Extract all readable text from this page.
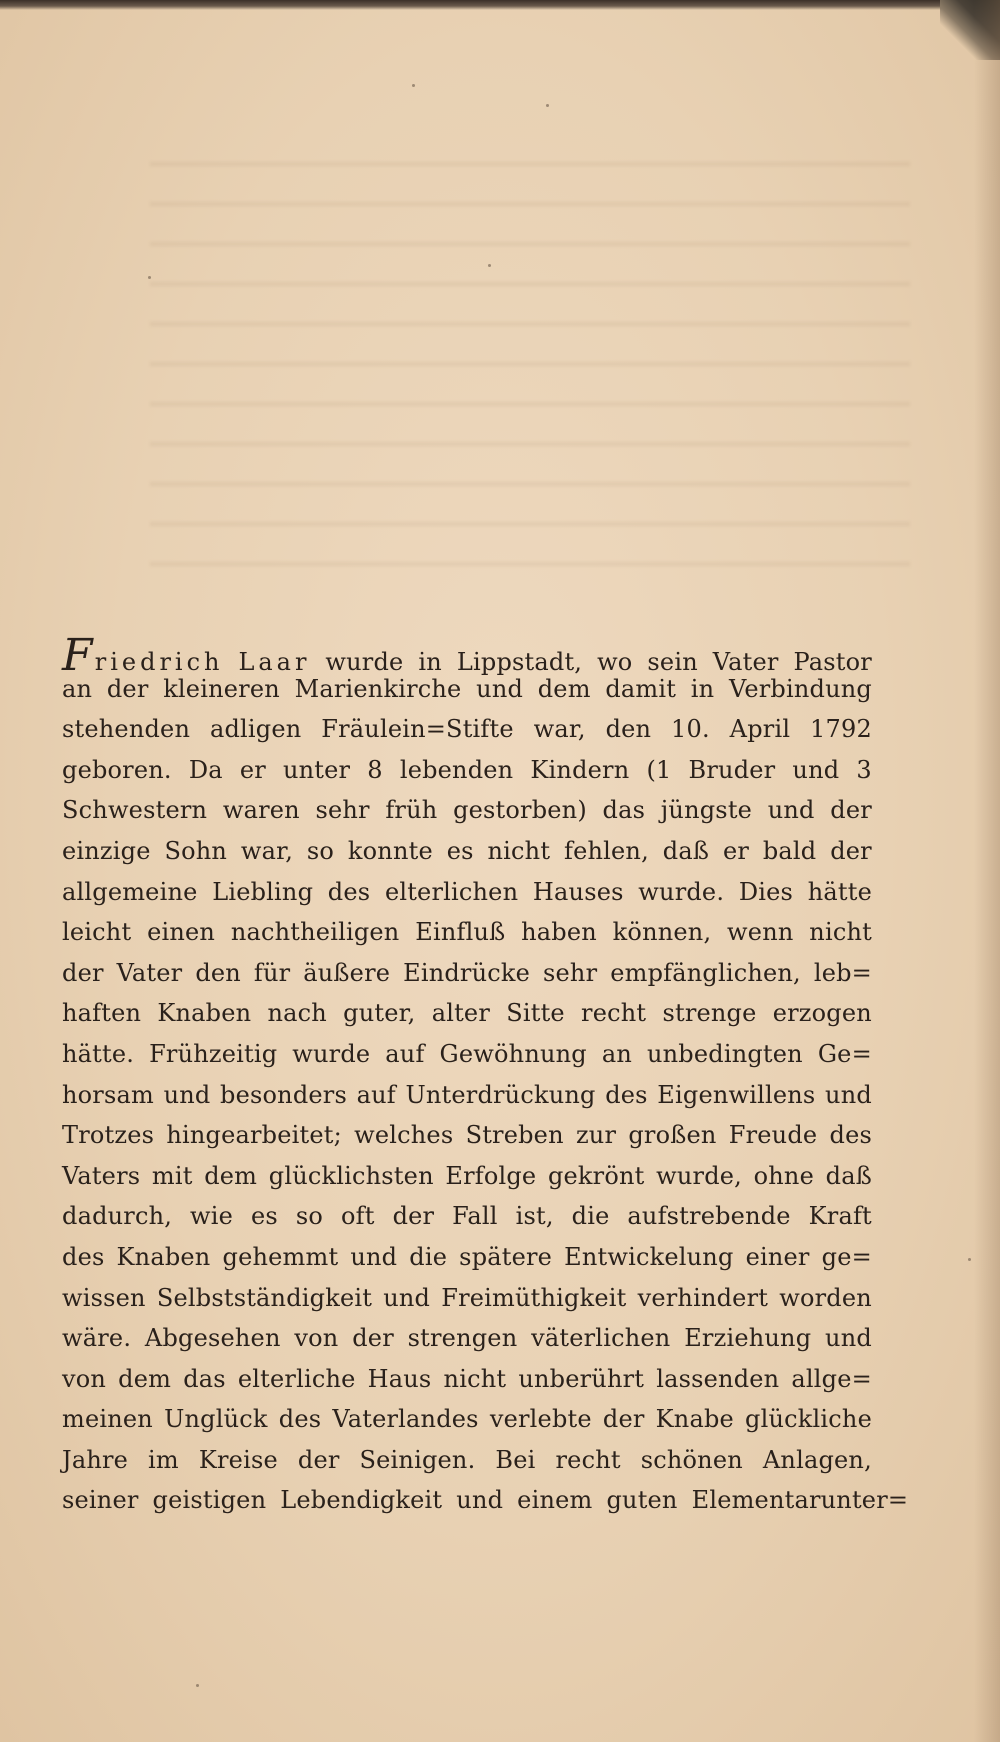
Friedrich Laar wurde in Lippstadt, wo sein Vater Pastor
an der kleineren Marienkirche und dem damit in Verbindung
stehenden adligen Fräulein=Stifte war, den 10. April 1792
geboren. Da er unter 8 lebenden Kindern (1 Bruder und 3
Schwestern waren sehr früh gestorben) das jüngste und der
einzige Sohn war, so konnte es nicht fehlen, daß er bald der
allgemeine Liebling des elterlichen Hauses wurde. Dies hätte
leicht einen nachtheiligen Einfluß haben können, wenn nicht
der Vater den für äußere Eindrücke sehr empfänglichen, leb=
haften Knaben nach guter, alter Sitte recht strenge erzogen
hätte. Frühzeitig wurde auf Gewöhnung an unbedingten Ge=
horsam und besonders auf Unterdrückung des Eigenwillens und
Trotzes hingearbeitet; welches Streben zur großen Freude des
Vaters mit dem glücklichsten Erfolge gekrönt wurde, ohne daß
dadurch, wie es so oft der Fall ist, die aufstrebende Kraft
des Knaben gehemmt und die spätere Entwickelung einer ge=
wissen Selbstständigkeit und Freimüthigkeit verhindert worden
wäre. Abgesehen von der strengen väterlichen Erziehung und
von dem das elterliche Haus nicht unberührt lassenden allge=
meinen Unglück des Vaterlandes verlebte der Knabe glückliche
Jahre im Kreise der Seinigen. Bei recht schönen Anlagen,
seiner geistigen Lebendigkeit und einem guten Elementarunter=
